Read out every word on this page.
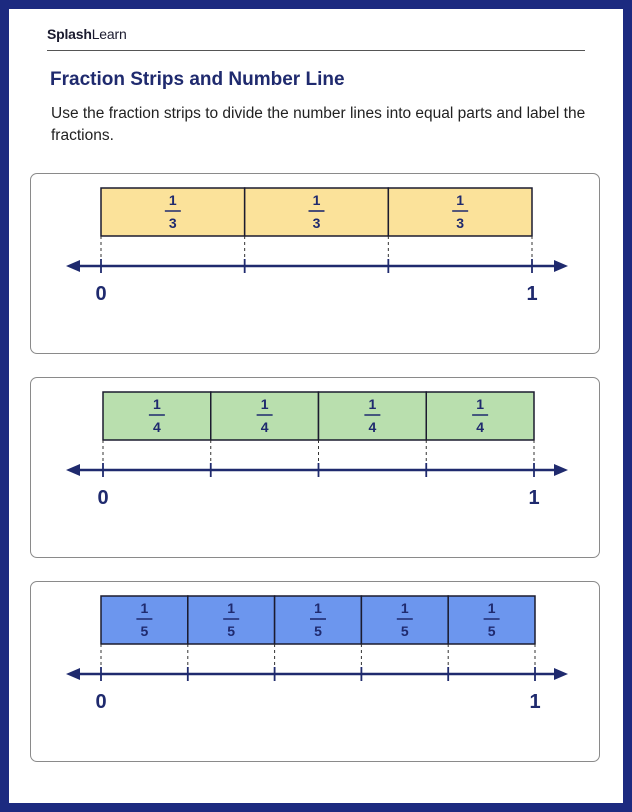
SplashLearn
Fraction Strips and Number Line

Use the fraction strips to divide the number lines into equal parts and label the fractions.

1
3
1
3
1
3
0	1
1
4
1
4
1
4
1
4
0	1
1
5
1
5
1
5
1
5
1
5
0	1
